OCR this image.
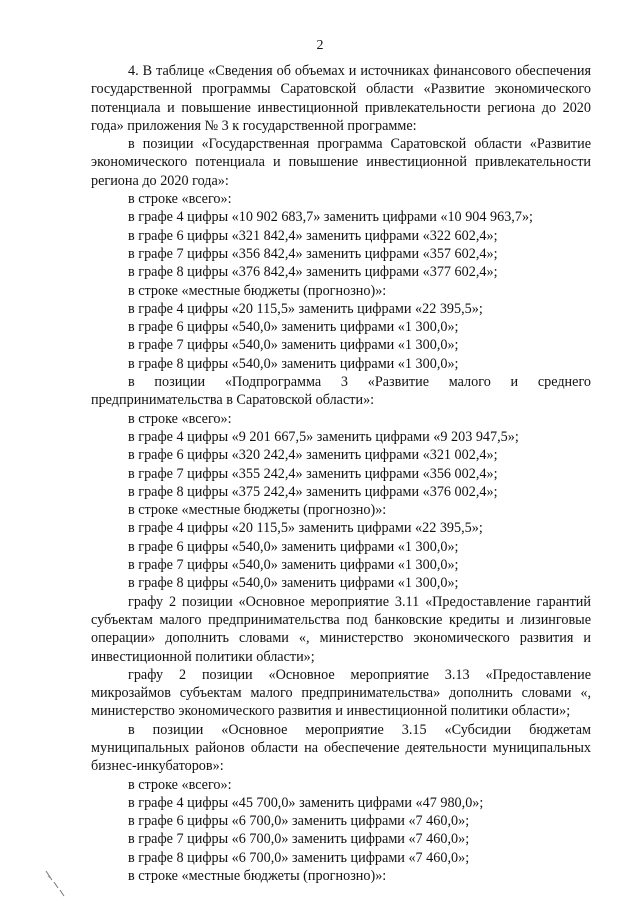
2

4. В таблице «Сведения об объемах и источниках финансового обеспечения государственной программы Саратовской области «Развитие экономического потенциала и повышение инвестиционной привлекательности региона до 2020 года» приложения № 3 к государственной программе:

в позиции «Государственная программа Саратовской области «Развитие экономического потенциала и повышение инвестиционной привлекательности региона до 2020 года»:

в строке «всего»:

в графе 4 цифры «10 902 683,7» заменить цифрами «10 904 963,7»;

в графе 6 цифры «321 842,4» заменить цифрами «322 602,4»;

в графе 7 цифры «356 842,4» заменить цифрами «357 602,4»;

в графе 8 цифры «376 842,4» заменить цифрами «377 602,4»;

в строке «местные бюджеты (прогнозно)»:

в графе 4 цифры «20 115,5» заменить цифрами «22 395,5»;

в графе 6 цифры «540,0» заменить цифрами «1 300,0»;

в графе 7 цифры «540,0» заменить цифрами «1 300,0»;

в графе 8 цифры «540,0» заменить цифрами «1 300,0»;

в позиции «Подпрограмма 3 «Развитие малого и среднего предпринимательства в Саратовской области»:

в строке «всего»:

в графе 4 цифры «9 201 667,5» заменить цифрами «9 203 947,5»;

в графе 6 цифры «320 242,4» заменить цифрами «321 002,4»;

в графе 7 цифры «355 242,4» заменить цифрами «356 002,4»;

в графе 8 цифры «375 242,4» заменить цифрами «376 002,4»;

в строке «местные бюджеты (прогнозно)»:

в графе 4 цифры «20 115,5» заменить цифрами «22 395,5»;

в графе 6 цифры «540,0» заменить цифрами «1 300,0»;

в графе 7 цифры «540,0» заменить цифрами «1 300,0»;

в графе 8 цифры «540,0» заменить цифрами «1 300,0»;

графу 2 позиции «Основное мероприятие 3.11 «Предоставление гарантий субъектам малого предпринимательства под банковские кредиты и лизинговые операции» дополнить словами «, министерство экономического развития и инвестиционной политики области»;

графу 2 позиции «Основное мероприятие 3.13 «Предоставление микрозаймов субъектам малого предпринимательства» дополнить словами «, министерство экономического развития и инвестиционной политики области»;

в позиции «Основное мероприятие 3.15 «Субсидии бюджетам муниципальных районов области на обеспечение деятельности муниципальных бизнес-инкубаторов»:

в строке «всего»:

в графе 4 цифры «45 700,0» заменить цифрами «47 980,0»;

в графе 6 цифры «6 700,0» заменить цифрами «7 460,0»;

в графе 7 цифры «6 700,0» заменить цифрами «7 460,0»;

в графе 8 цифры «6 700,0» заменить цифрами «7 460,0»;

в строке «местные бюджеты (прогнозно)»:
